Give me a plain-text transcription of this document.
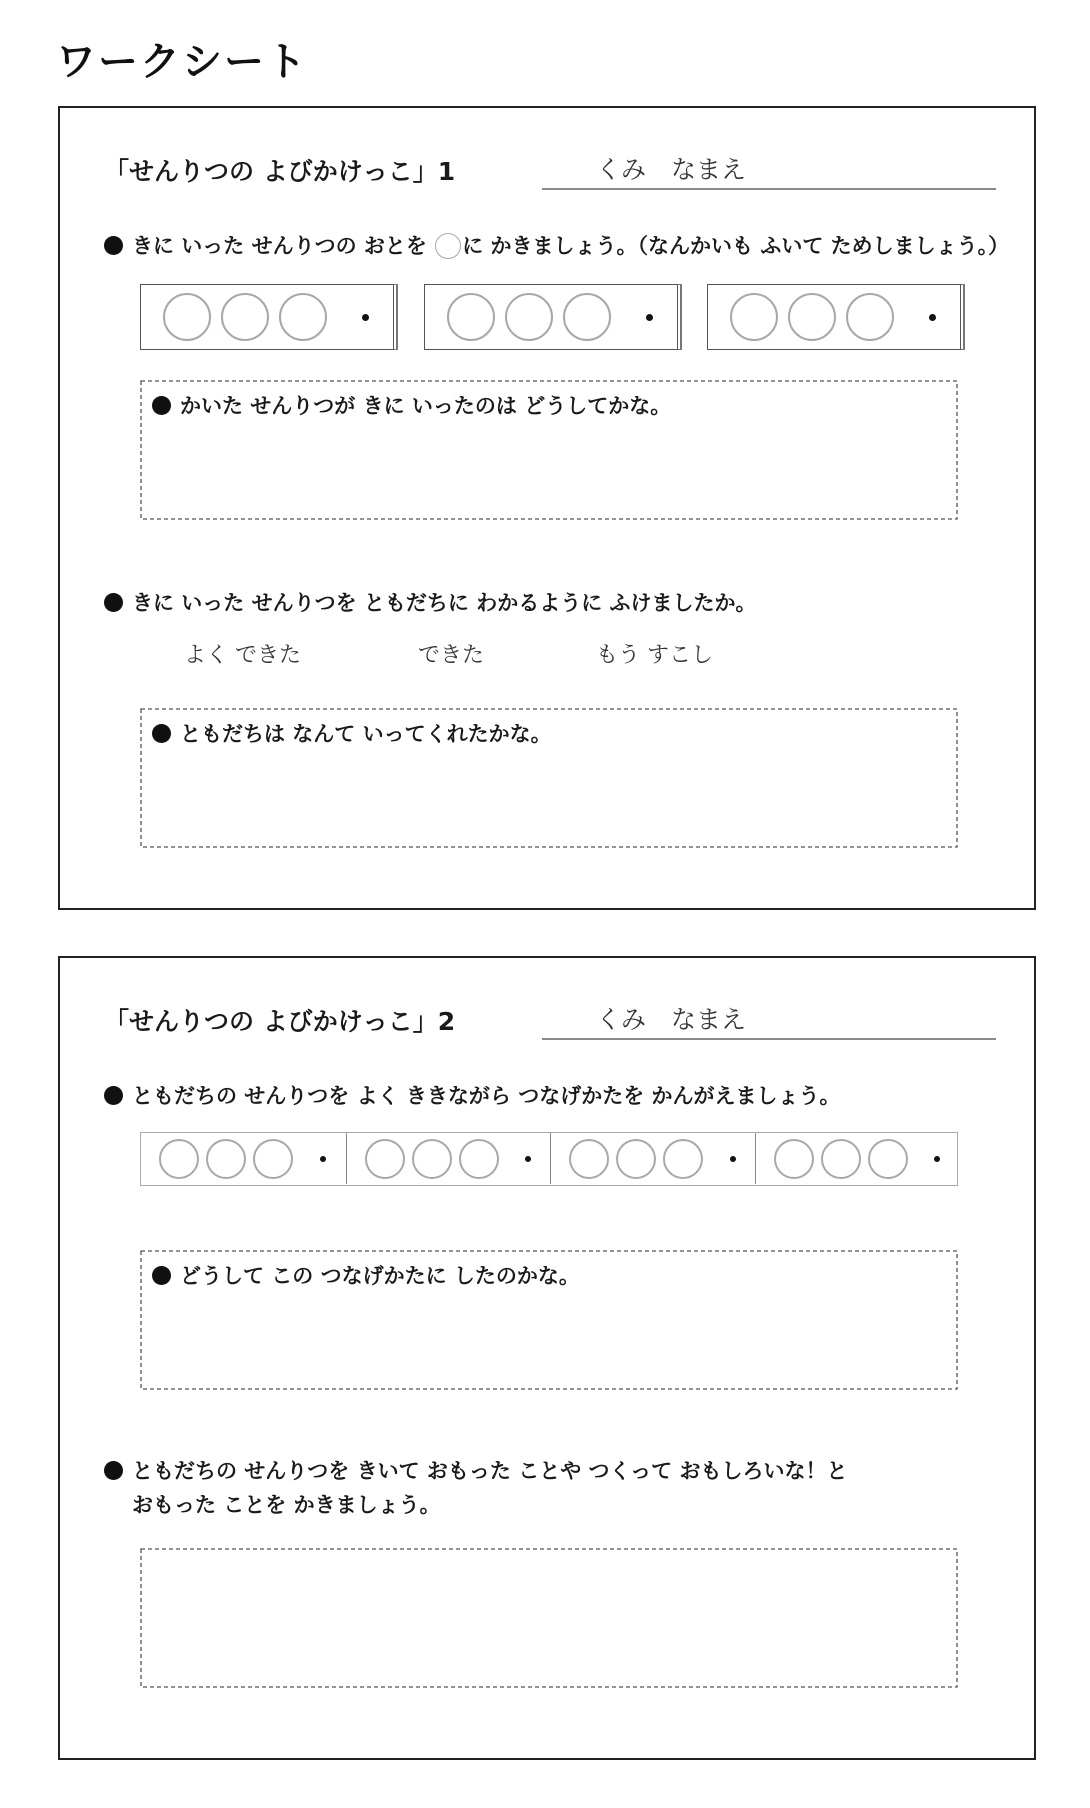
ワークシート
「せんりつの よびかけっこ」1	くみ　なまえ
きに いった せんりつの おとを に かきましょう。（なんかいも ふいて ためしましょう。）
かいた せんりつが きに いったのは どうしてかな。
きに いった せんりつを ともだちに わかるように ふけましたか。
よく できた	できた	もう すこし
ともだちは なんて いってくれたかな。
「せんりつの よびかけっこ」2	くみ　なまえ
ともだちの せんりつを よく ききながら つなげかたを かんがえましょう。
どうして この つなげかたに したのかな。
ともだちの せんりつを きいて おもった ことや つくって おもしろいな！と
おもった ことを かきましょう。
